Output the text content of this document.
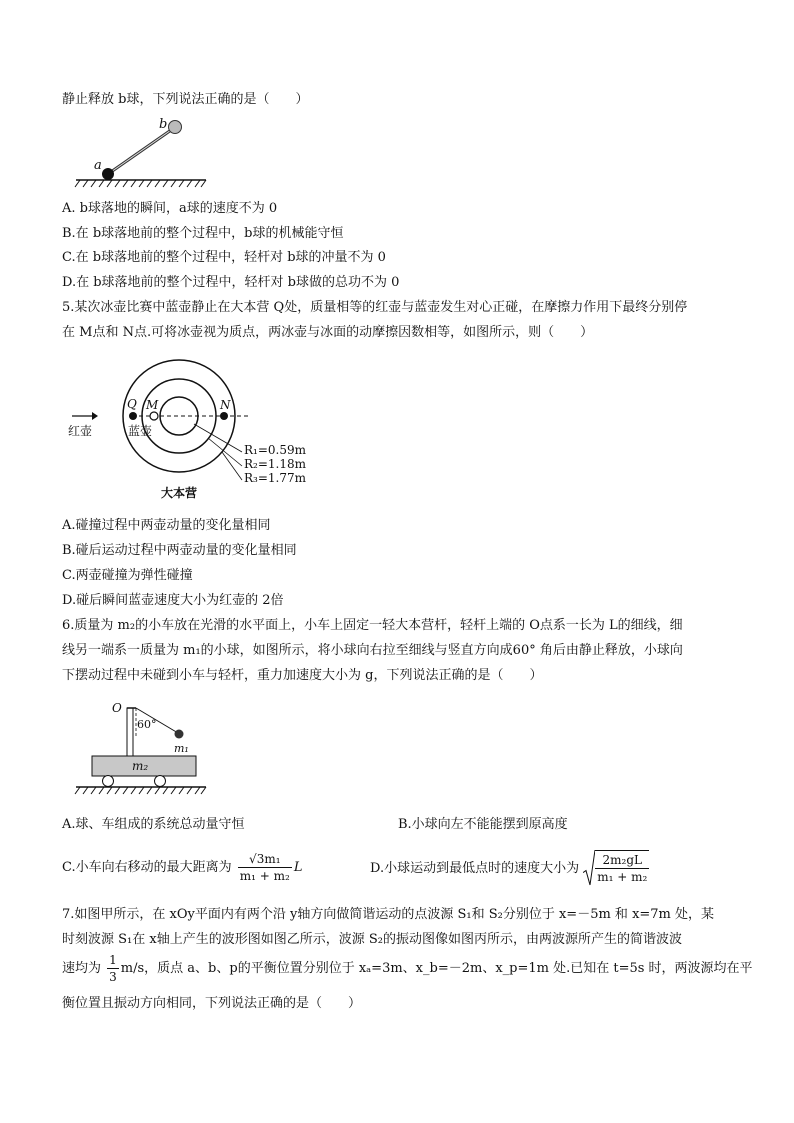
静止释放 b球，下列说法正确的是（　　）
a
b
A. b球落地的瞬间，a球的速度不为 0
B.在 b球落地前的整个过程中，b球的机械能守恒
C.在 b球落地前的整个过程中，轻杆对 b球的冲量不为 0
D.在 b球落地前的整个过程中，轻杆对 b球做的总功不为 0
5.某次冰壶比赛中蓝壶静止在大本营 Q处，质量相等的红壶与蓝壶发生对心正碰，在摩擦力作用下最终分别停
在 M点和 N点.可将冰壶视为质点，两冰壶与冰面的动摩擦因数相等，如图所示，则（　　）
Q M	N
红壶	蓝壶
R₁=0.59m
R₂=1.18m
R₃=1.77m
大本营
A.碰撞过程中两壶动量的变化量相同
B.碰后运动过程中两壶动量的变化量相同
C.两壶碰撞为弹性碰撞
D.碰后瞬间蓝壶速度大小为红壶的 2倍
6.质量为 m₂的小车放在光滑的水平面上，小车上固定一轻大本营杆，轻杆上端的 O点系一长为 L的细线，细
线另一端系一质量为 m₁的小球，如图所示，将小球向右拉至细线与竖直方向成60° 角后由静止释放，小球向
下摆动过程中未碰到小车与轻杆，重力加速度大小为 g，下列说法正确的是（　　）
O
60°
m₁
m₂
A.球、车组成的系统总动量守恒	B.小球向左不能能摆到原高度
C.小车向右移动的最大距离为 $\frac{\text{√3m₁}}{\text{m₁ + m₂}}$ L	D.小球运动到最低点时的速度大小为 $\frac{\text{2m₂gL}}{\text{m₁ + m₂}}$
7.如图甲所示，在 xOy平面内有两个沿 y轴方向做简谐运动的点波源 S₁和 S₂分别位于 x=－5m 和 x=7m 处，某
时刻波源 S₁在 x轴上产生的波形图如图乙所示，波源 S₂的振动图像如图丙所示，由两波源所产生的简谐波波
速均为 $\frac{1}{3} m/s$，质点 a、b、p的平衡位置分别位于 xₐ=3m、x_b=－2m、x_p=1m 处.已知在 t=5s 时，两波源均在平
衡位置且振动方向相同，下列说法正确的是（　　）
